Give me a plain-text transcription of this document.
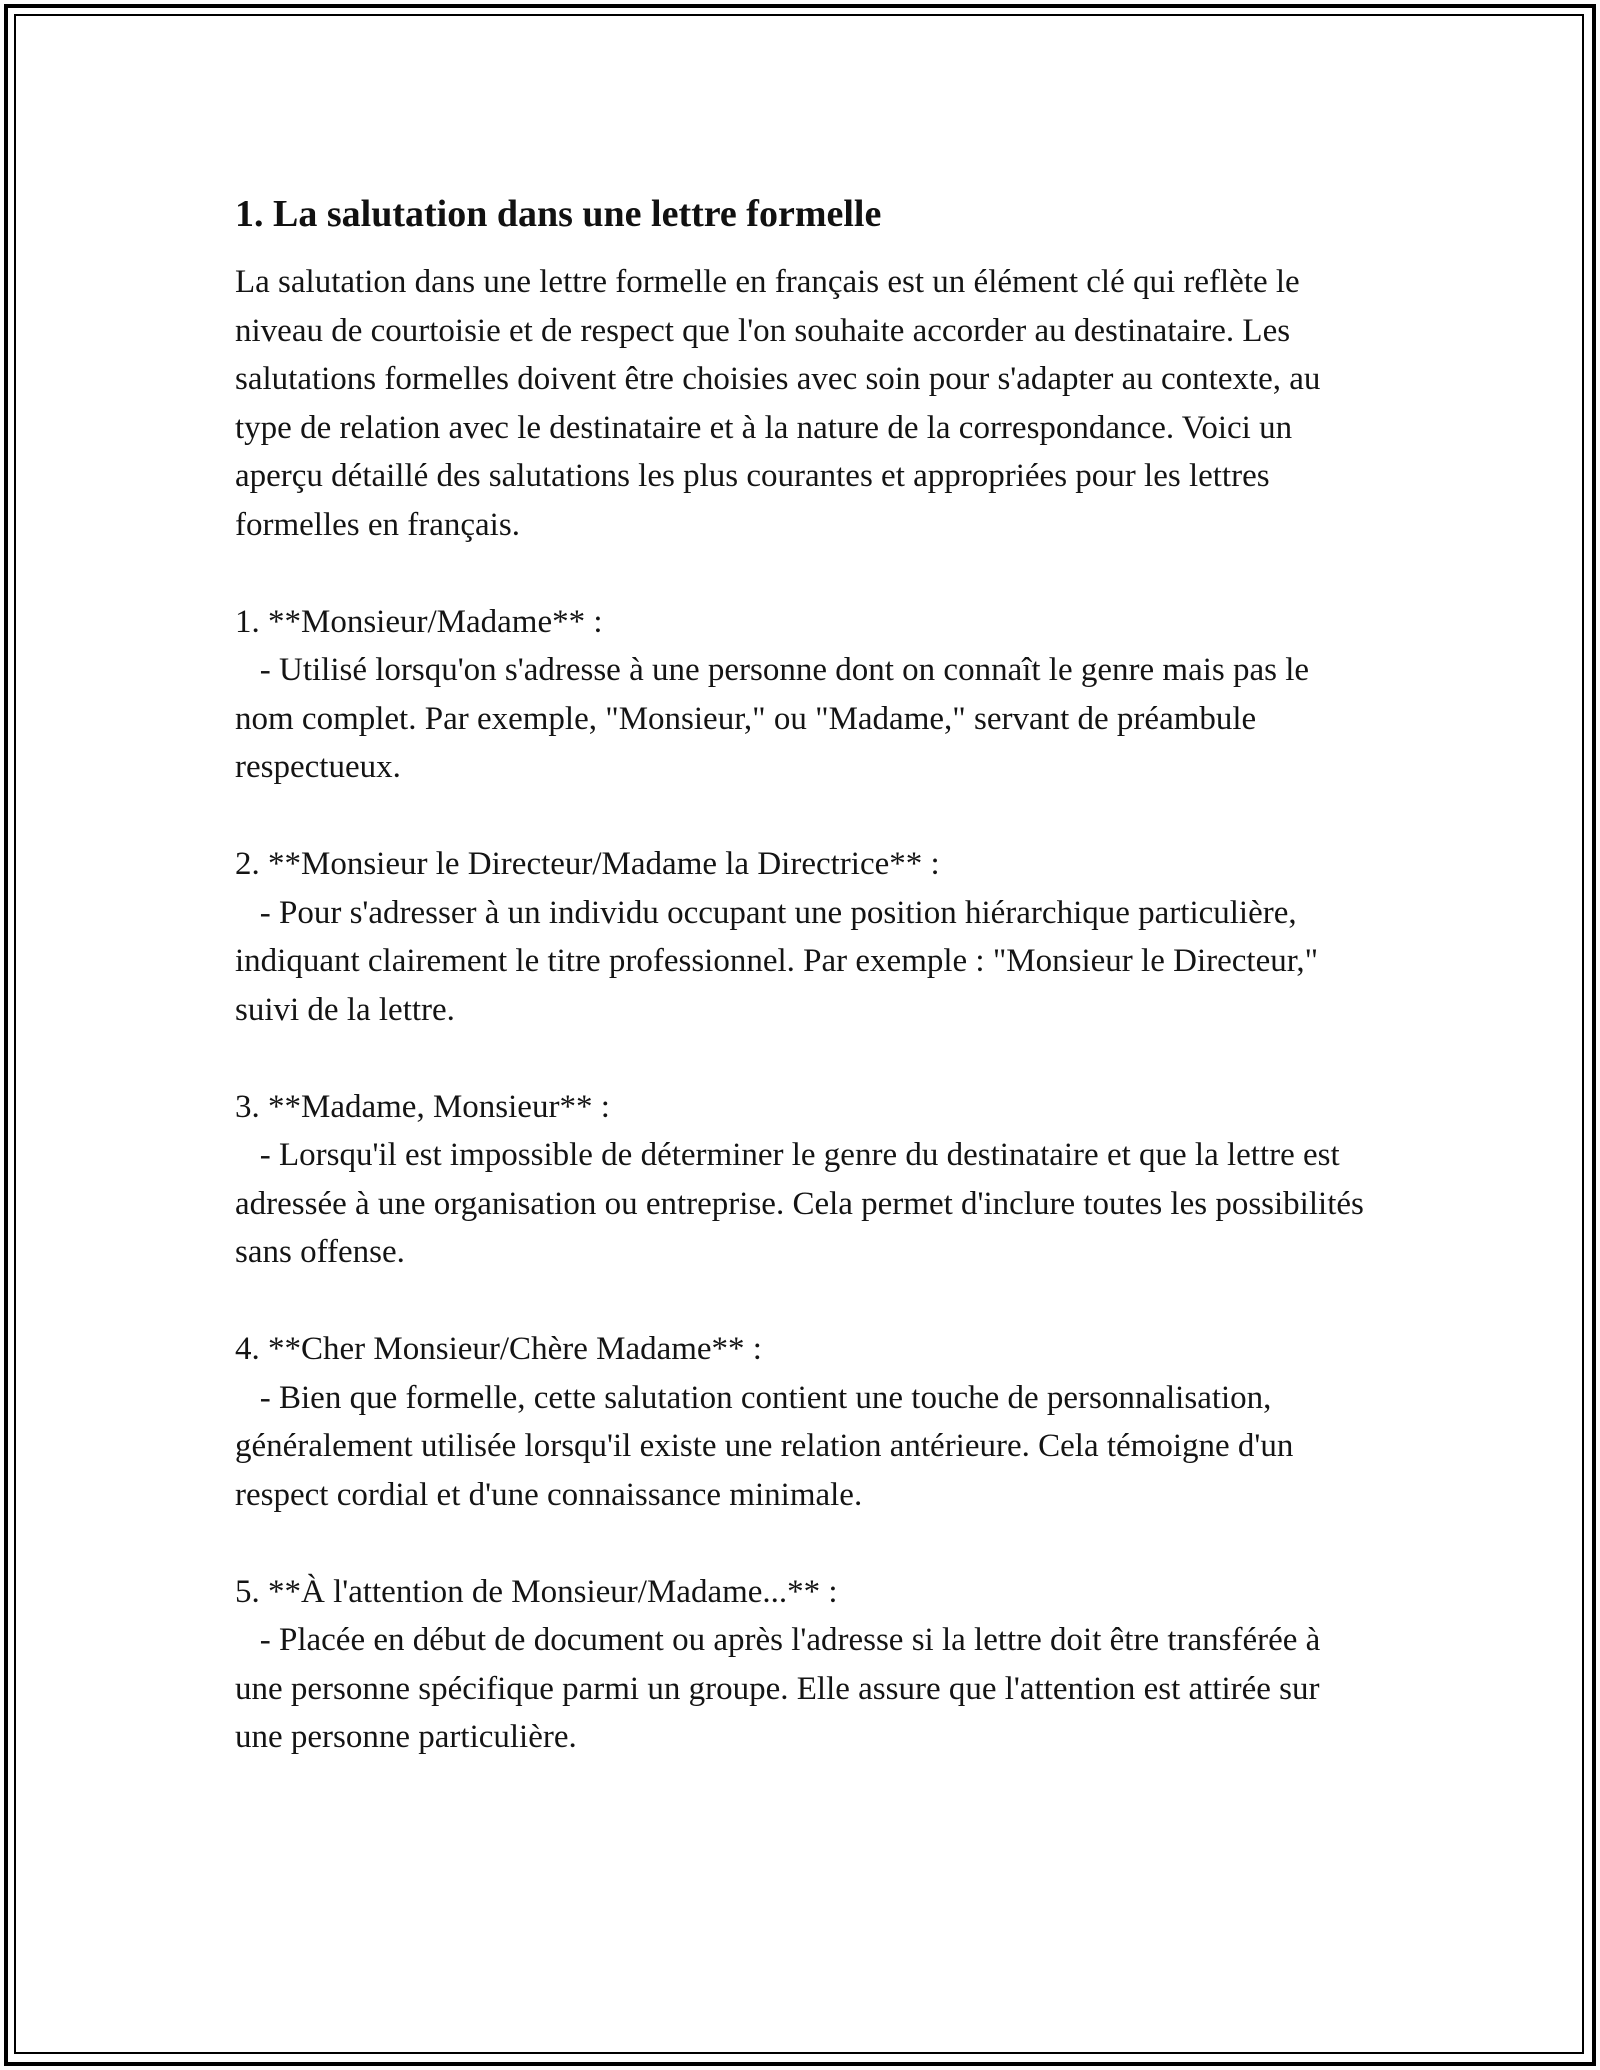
1. La salutation dans une lettre formelle

La salutation dans une lettre formelle en français est un élément clé qui reflète le niveau de courtoisie et de respect que l'on souhaite accorder au destinataire. Les salutations formelles doivent être choisies avec soin pour s'adapter au contexte, au type de relation avec le destinataire et à la nature de la correspondance. Voici un aperçu détaillé des salutations les plus courantes et appropriées pour les lettres formelles en français.

1. **Monsieur/Madame** :

- Utilisé lorsqu'on s'adresse à une personne dont on connaît le genre mais pas le nom complet. Par exemple, "Monsieur," ou "Madame," servant de préambule respectueux.

2. **Monsieur le Directeur/Madame la Directrice** :

- Pour s'adresser à un individu occupant une position hiérarchique particulière, indiquant clairement le titre professionnel. Par exemple : "Monsieur le Directeur," suivi de la lettre.

3. **Madame, Monsieur** :

- Lorsqu'il est impossible de déterminer le genre du destinataire et que la lettre est adressée à une organisation ou entreprise. Cela permet d'inclure toutes les possibilités sans offense.

4. **Cher Monsieur/Chère Madame** :

- Bien que formelle, cette salutation contient une touche de personnalisation, généralement utilisée lorsqu'il existe une relation antérieure. Cela témoigne d'un respect cordial et d'une connaissance minimale.

5. **À l'attention de Monsieur/Madame...** :

- Placée en début de document ou après l'adresse si la lettre doit être transférée à une personne spécifique parmi un groupe. Elle assure que l'attention est attirée sur une personne particulière.
